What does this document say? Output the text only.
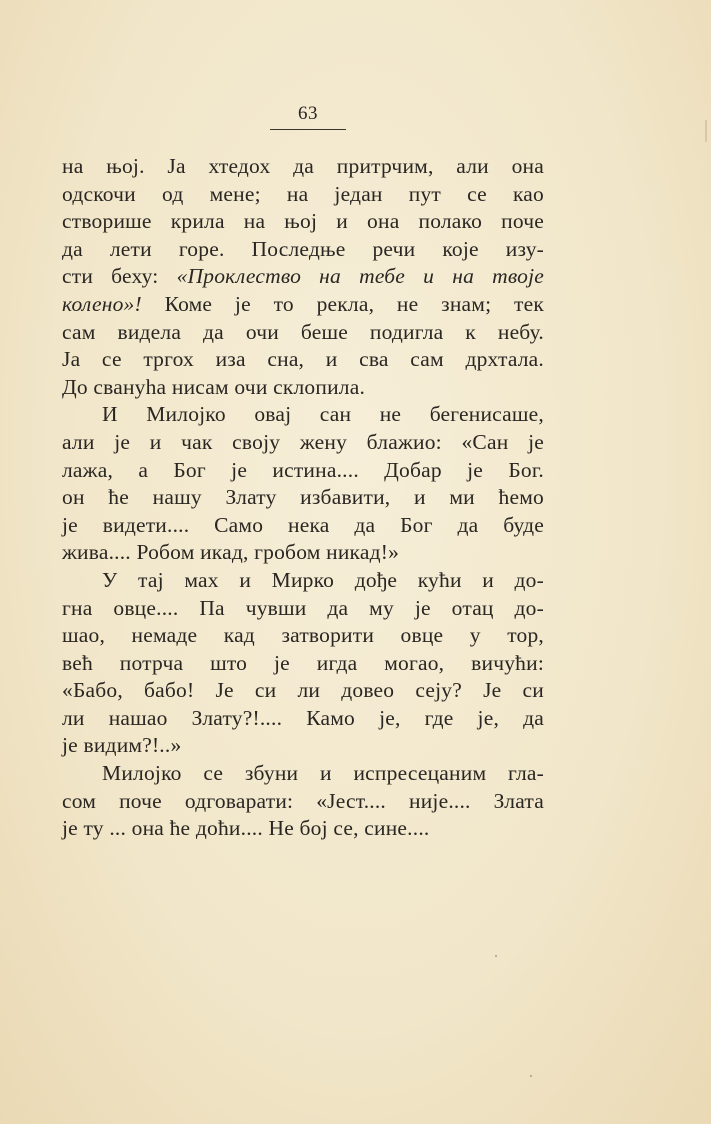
63
на њој. Ја хтедох да притрчим, али она
одскочи од мене; на један пут се као
створише крила на њој и она полако поче
да лети горе. Последње речи које изу-
сти беху: «Проклество на тебе и на твоје
колено»! Коме је то рекла, не знам; тек
сам видела да очи беше подигла к небу.
Ја се тргох иза сна, и сва сам дрхтала.
До свануһа нисам очи склопила.
И Милојко овај сан не бегенисаше,
али је и чак своју жену блажио: «Сан је
лажа, а Бог је истина.... Добар је Бог.
он ће нашу Злату избавити, и ми ћемо
је видети.... Само нека да Бог да буде
жива.... Робом икад, гробом никад!»
У тај мах и Мирко дође кући и до-
гна овце.... Па чувши да му је отац до-
шао, немаде кад затворити овце у тор,
већ потрча што је игда могао, вичући:
«Бабо, бабо! Је си ли довео сеју? Је си
ли нашао Злату?!.... Камо је, где је, да
је видим?!..»
Милојко се збуни и испресецаним гла-
сом поче одговарати: «Јест.... није.... Злата
је ту ... она ће доћи.... Не бој се, сине....
